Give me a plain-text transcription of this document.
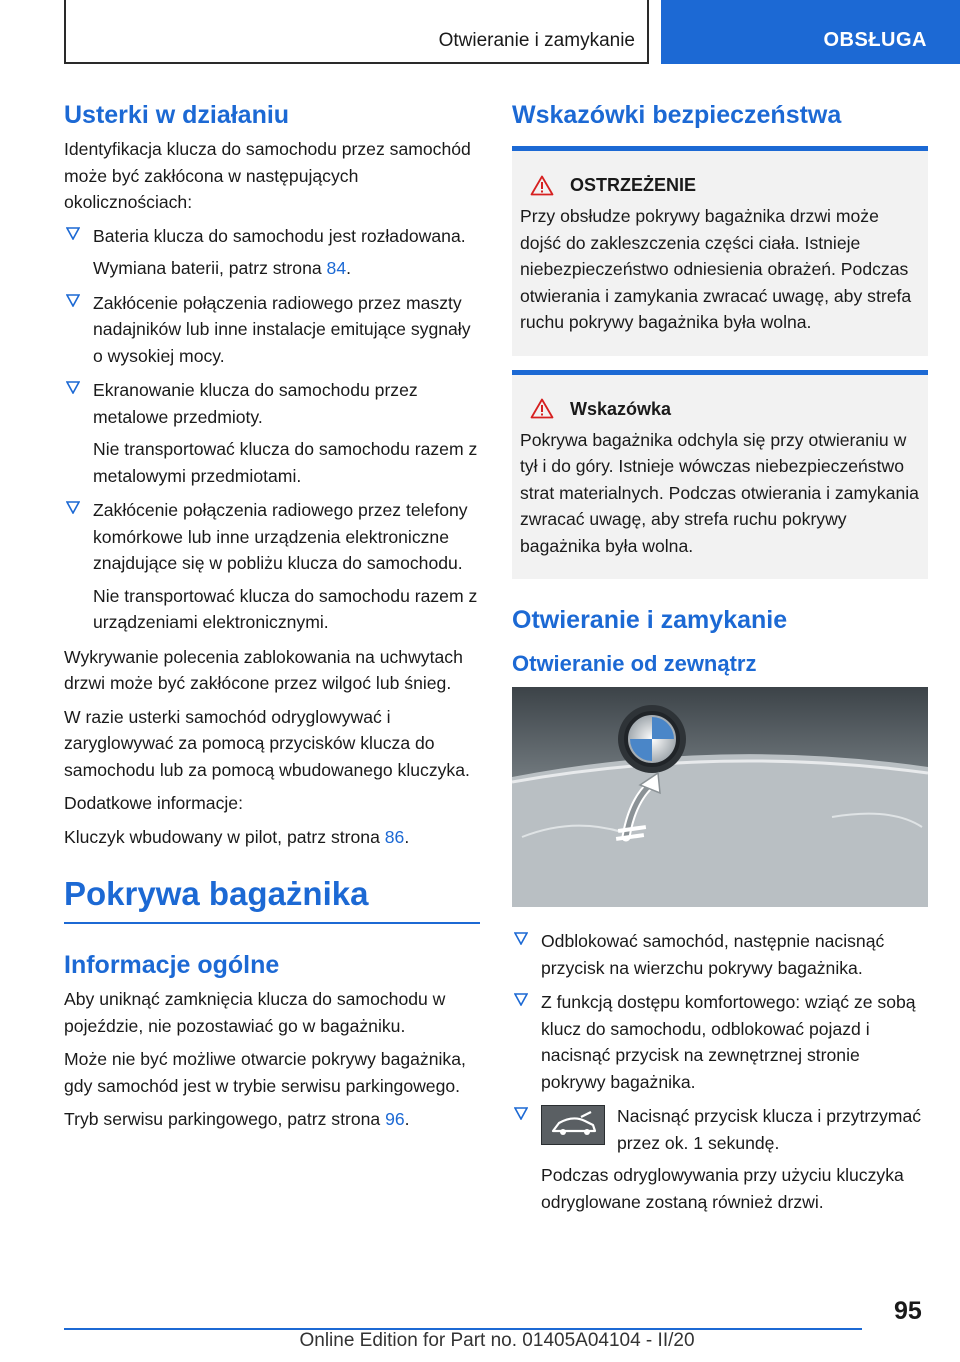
Otwieranie i zamykanie	OBSŁUGA
Usterki w działaniu

Identyfikacja klucza do samochodu przez samochód może być zakłócona w następujących okolicznościach:

Bateria klucza do samochodu jest rozładowana.

Wymiana baterii, patrz strona 84.

Zakłócenie połączenia radiowego przez maszty nadajników lub inne instalacje emitujące sygnały o wysokiej mocy.

Ekranowanie klucza do samochodu przez metalowe przedmioty.

Nie transportować klucza do samochodu razem z metalowymi przedmiotami.

Zakłócenie połączenia radiowego przez telefony komórkowe lub inne urządzenia elektroniczne znajdujące się w pobliżu klucza do samochodu.

Nie transportować klucza do samochodu razem z urządzeniami elektronicznymi.

Wykrywanie polecenia zablokowania na uchwytach drzwi może być zakłócone przez wilgoć lub śnieg.

W razie usterki samochód odryglowywać i zaryglowywać za pomocą przycisków klucza do samochodu lub za pomocą wbudowanego kluczyka.

Dodatkowe informacje:

Kluczyk wbudowany w pilot, patrz strona 86.

Pokrywa bagażnika
Informacje ogólne

Aby uniknąć zamknięcia klucza do samochodu w pojeździe, nie pozostawiać go w bagażniku.

Może nie być możliwe otwarcie pokrywy bagażnika, gdy samochód jest w trybie serwisu parkingowego.

Tryb serwisu parkingowego, patrz strona 96.

Wskazówki bezpieczeństwa
OSTRZEŻENIE

Przy obsłudze pokrywy bagażnika drzwi może dojść do zakleszczenia części ciała. Istnieje niebezpieczeństwo odniesienia obrażeń. Podczas otwierania i zamykania zwracać uwagę, aby strefa ruchu pokrywy bagażnika była wolna.

Wskazówka

Pokrywa bagażnika odchyla się przy otwieraniu w tył i do góry. Istnieje wówczas niebezpieczeństwo strat materialnych. Podczas otwierania i zamykania zwracać uwagę, aby strefa ruchu pokrywy bagażnika była wolna.

Otwieranie i zamykanie
Otwieranie od zewnątrz

Odblokować samochód, następnie nacisnąć przycisk na wierzchu pokrywy bagażnika.

Z funkcją dostępu komfortowego: wziąć ze sobą klucz do samochodu, odblokować pojazd i nacisnąć przycisk na zewnętrznej stronie pokrywy bagażnika.

Nacisnąć przycisk klucza i przytrzymać przez ok. 1 sekundę.

Podczas odryglowywania przy użyciu kluczyka odryglowane zostaną również drzwi.

95
Online Edition for Part no. 01405A04104 - II/20
